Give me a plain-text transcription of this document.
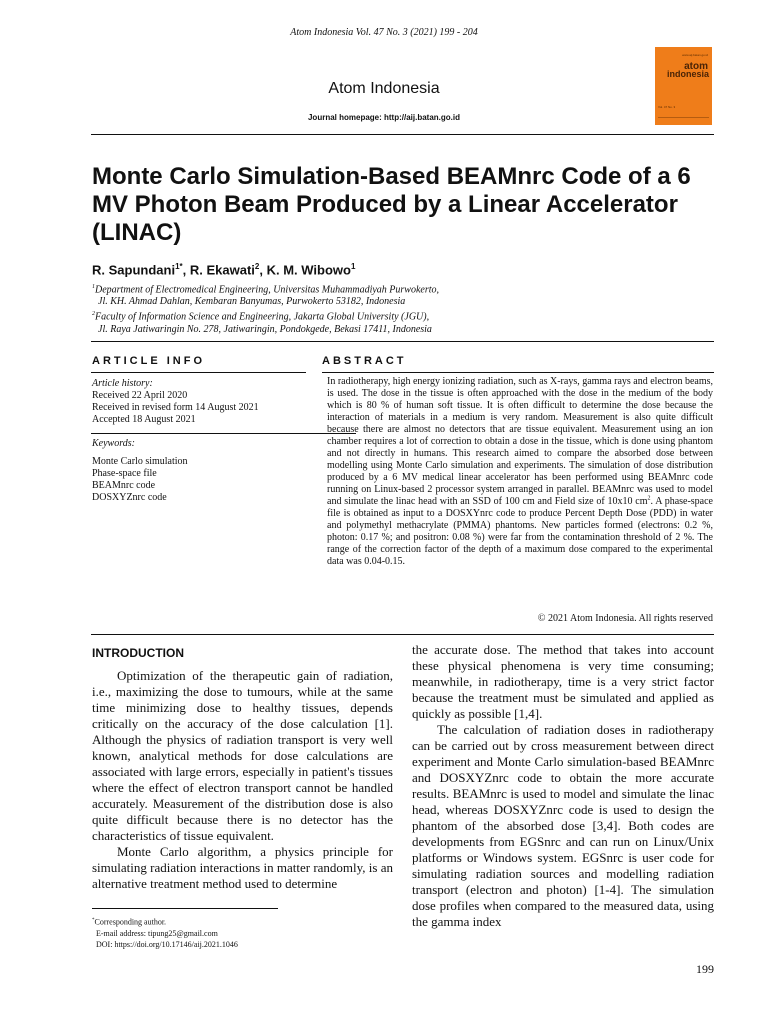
Atom Indonesia Vol. 47 No. 3 (2021) 199 - 204
www.aij.batan.go.id
atom
indonesia
Vol. 47 No. 3
Atom Indonesia
Journal homepage: http://aij.batan.go.id
Monte Carlo Simulation-Based BEAMnrc Code of a 6 MV Photon Beam Produced by a Linear Accelerator (LINAC)
R. Sapundani$^{1*}$, R. Ekawati$^2$, K. M. Wibowo$^1$
$^1$Department of Electromedical Engineering, Universitas Muhammadiyah Purwokerto,
Jl. KH. Ahmad Dahlan, Kembaran Banyumas, Purwokerto 53182, Indonesia
$^2$Faculty of Information Science and Engineering, Jakarta Global University (JGU),
Jl. Raya Jatiwaringin No. 278, Jatiwaringin, Pondokgede, Bekasi 17411, Indonesia
ARTICLE INFO
Article history:
Received 22 April 2020
Received in revised form 14 August 2021
Accepted 18 August 2021
Keywords:
Monte Carlo simulation
Phase-space file
BEAMnrc code
DOSXYZnrc code
ABSTRACT
In radiotherapy, high energy ionizing radiation, such as X-rays, gamma rays and electron beams, is used. The dose in the tissue is often approached with the dose in the medium of the body which is 80 % of human soft tissue. It is often difficult to determine the dose because the interaction of materials in a medium is very random. Measurement is also quite difficult because there are almost no detectors that are tissue equivalent. Measurement using an ion chamber requires a lot of correction to obtain a dose in the tissue, which is done using phantom and not directly in humans. This research aimed to compare the absorbed dose between modelling using Monte Carlo simulation and experiments. The simulation of dose distribution produced by a 6 MV medical linear accelerator has been performed using BEAMnrc code running on Linux-based 2 processor system arranged in parallel. BEAMnrc was used to model and simulate the linac head with an SSD of 100 cm and Field size of 10x10 $cm^2$. A phase-space file is obtained as input to a DOSXYnrc code to produce Percent Depth Dose (PDD) in water and polymethyl methacrylate (PMMA) phantoms. New particles formed (electrons: 0.2 %, photon: 0.17 %; and positron: 0.08 %) were far from the contamination threshold of 2 %. The range of the correction factor of the depth of a maximum dose compared to the experimental data was 0.04-0.15.
© 2021 Atom Indonesia. All rights reserved
INTRODUCTION

Optimization of the therapeutic gain of radiation, i.e., maximizing the dose to tumours, while at the same time minimizing dose to healthy tissues, depends critically on the accuracy of the dose calculation [1]. Although the physics of radiation transport is very well known, analytical methods for dose calculations are associated with large errors, especially in patient's tissues where the effect of electron transport cannot be handled accurately. Measurement of the distribution dose is also quite difficult because there is no detector has the characteristics of tissue equivalent.

Monte Carlo algorithm, a physics principle for simulating radiation interactions in matter randomly, is an alternative treatment method used to determine

the accurate dose. The method that takes into account these physical phenomena is very time consuming; meanwhile, in radiotherapy, time is a very strict factor because the treatment must be simulated and applied as quickly as possible [1,4].

The calculation of radiation doses in radiotherapy can be carried out by cross measurement between direct experiment and Monte Carlo simulation-based BEAMnrc and DOSXYZnrc code to obtain the more accurate results. BEAMnrc is used to model and simulate the linac head, whereas DOSXYZnrc code is used to design the phantom of the absorbed dose [3,4]. Both codes are developments from EGSnrc and can run on Linux/Unix platforms or Windows system. EGSnrc is user code for simulating radiation sources and modelling radiation transport (electron and photon) [1-4]. The simulation dose profiles when compared to the measured data, using the gamma index

*Corresponding author.
E-mail address: tipung25@gmail.com
DOI: https://doi.org/10.17146/aij.2021.1046
199
